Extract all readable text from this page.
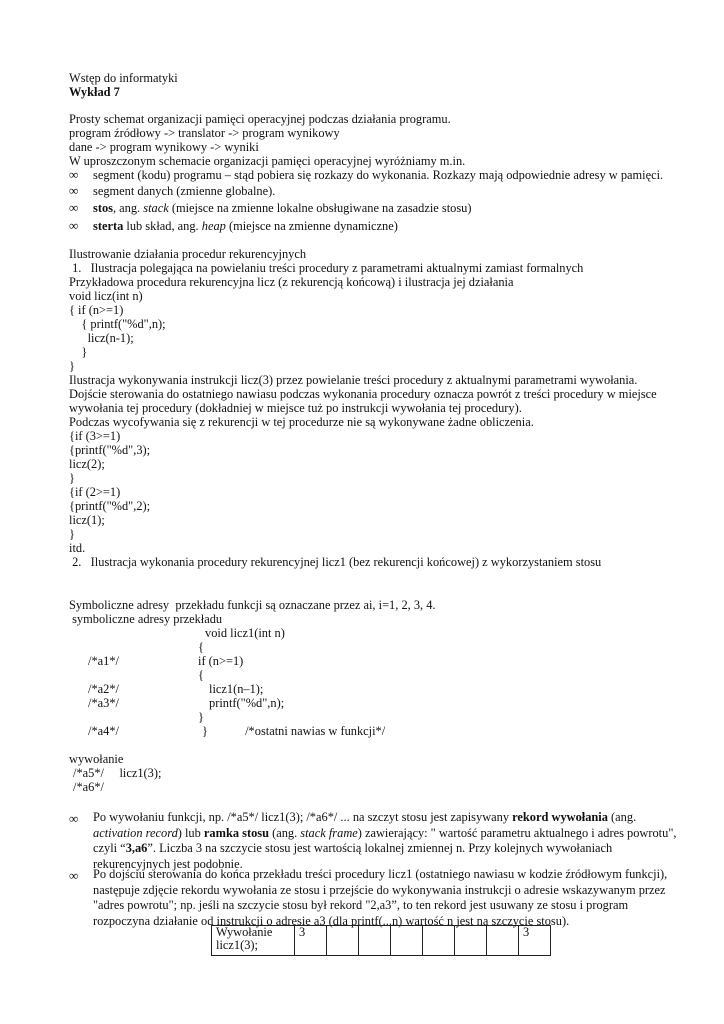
Wstęp do informatyki
Wykład 7
Prosty schemat organizacji pamięci operacyjnej podczas działania programu.
program źródłowy -> translator -> program wynikowy
dane -> program wynikowy -> wyniki
W uproszczonym schemacie organizacji pamięci operacyjnej wyróżniamy m.in.
∞	segment (kodu) programu – stąd pobiera się rozkazy do wykonania. Rozkazy mają odpowiednie adresy w pamięci.
∞	segment danych (zmienne globalne).
∞	stos, ang. stack (miejsce na zmienne lokalne obsługiwane na zasadzie stosu)
∞	sterta lub skład, ang. heap (miejsce na zmienne dynamiczne)
Ilustrowanie działania procedur rekurencyjnych
1.   Ilustracja polegająca na powielaniu treści procedury z parametrami aktualnymi zamiast formalnych
Przykładowa procedura rekurencyjna licz (z rekurencją końcową) i ilustracja jej działania
void licz(int n)
{ if (n>=1)
{ printf("%d",n);
licz(n-1);
}
}
Ilustracja wykonywania instrukcji licz(3) przez powielanie treści procedury z aktualnymi parametrami wywołania.
Dojście sterowania do ostatniego nawiasu podczas wykonania procedury oznacza powrót z treści procedury w miejsce
wywołania tej procedury (dokładniej w miejsce tuż po instrukcji wywołania tej procedury).
Podczas wycofywania się z rekurencji w tej procedurze nie są wykonywane żadne obliczenia.
{if (3>=1)
{printf("%d",3);
licz(2);
}
{if (2>=1)
{printf("%d",2);
licz(1);
}
itd.
2.   Ilustracja wykonania procedury rekurencyjnej licz1 (bez rekurencji końcowej) z wykorzystaniem stosu
Symboliczne adresy  przekładu funkcji są oznaczane przez ai, i=1, 2, 3, 4.
symboliczne adresy przekładu
void licz1(int n)
{
/*a1*/	if (n>=1)
{
/*a2*/	licz1(n–1);
/*a3*/	printf("%d",n);
}
/*a4*/	}            /*ostatni nawias w funkcji*/
wywołanie
/*a5*/     licz1(3);
/*a6*/
∞	Po wywołaniu funkcji, np. /*a5*/ licz1(3); /*a6*/ ... na szczyt stosu jest zapisywany rekord wywołania (ang. activation record) lub ramka stosu (ang. stack frame) zawierający: " wartość parametru aktualnego i adres powrotu", czyli “3,a6”. Liczba 3 na szczycie stosu jest wartością lokalnej zmiennej n. Przy kolejnych wywołaniach rekurencyjnych jest podobnie.
∞	Po dojściu sterowania do końca przekładu treści procedury licz1 (ostatniego nawiasu w kodzie źródłowym funkcji), następuje zdjęcie rekordu wywołania ze stosu i przejście do wykonywania instrukcji o adresie wskazywanym przez "adres powrotu"; np. jeśli na szczycie stosu był rekord "2,a3”, to ten rekord jest usuwany ze stosu i program rozpoczyna działanie od instrukcji o adresie a3 (dla printf(...n) wartość n jest na szczycie stosu).
Wywołanie licz1(3);	3							3
